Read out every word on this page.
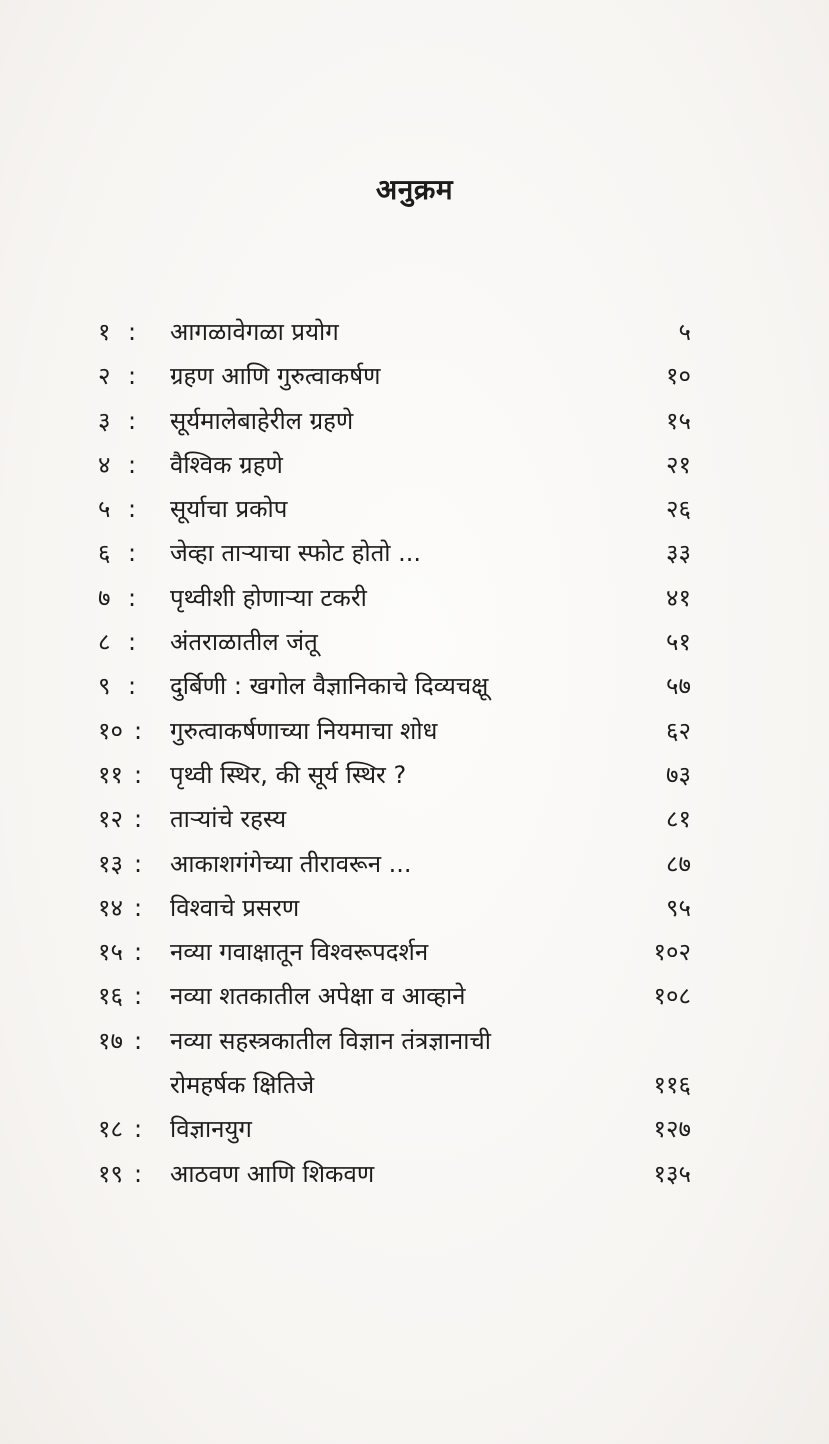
अनुक्रम
१ : आगळावेगळा प्रयोग	५
२ : ग्रहण आणि गुरुत्वाकर्षण	१०
३ : सूर्यमालेबाहेरील ग्रहणे	१५
४ : वैश्विक ग्रहणे	२१
५ : सूर्याचा प्रकोप	२६
६ : जेव्हा ताऱ्याचा स्फोट होतो ...	३३
७ : पृथ्वीशी होणाऱ्या टकरी	४१
८ : अंतराळातील जंतू	५१
९ : दुर्बिणी : खगोल वैज्ञानिकाचे दिव्यचक्षू	५७
१० : गुरुत्वाकर्षणाच्या नियमाचा शोध	६२
११ : पृथ्वी स्थिर, की सूर्य स्थिर ?	७३
१२ : ताऱ्यांचे रहस्य	८१
१३ : आकाशगंगेच्या तीरावरून ...	८७
१४ : विश्वाचे प्रसरण	९५
१५ : नव्या गवाक्षातून विश्वरूपदर्शन	१०२
१६ : नव्या शतकातील अपेक्षा व आव्हाने	१०८
१७ : नव्या सहस्त्रकातील विज्ञान तंत्रज्ञानाची
रोमहर्षक क्षितिजे	११६
१८ : विज्ञानयुग	१२७
१९ : आठवण आणि शिकवण	१३५
